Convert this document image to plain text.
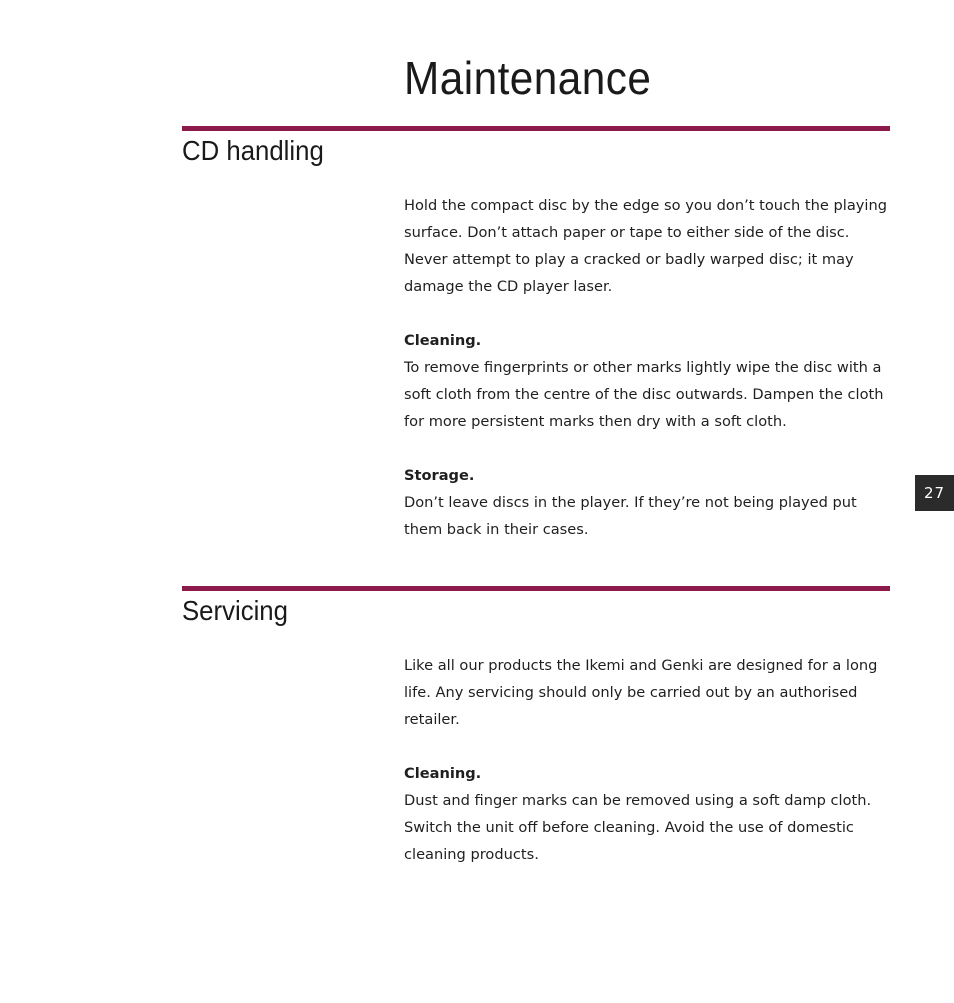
Maintenance
CD handling

Hold the compact disc by the edge so you don’t touch the playing surface. Don’t attach paper or tape to either side of the disc. Never attempt to play a cracked or badly warped disc; it may damage the CD player laser.

Cleaning.

To remove fingerprints or other marks lightly wipe the disc with a soft cloth from the centre of the disc outwards. Dampen the cloth for more persistent marks then dry with a soft cloth.

Storage.

Don’t leave discs in the player. If they’re not being played put them back in their cases.

Servicing

Like all our products the Ikemi and Genki are designed for a long life. Any servicing should only be carried out by an authorised retailer.

Cleaning.

Dust and finger marks can be removed using a soft damp cloth. Switch the unit off before cleaning. Avoid the use of domestic cleaning products.

27
